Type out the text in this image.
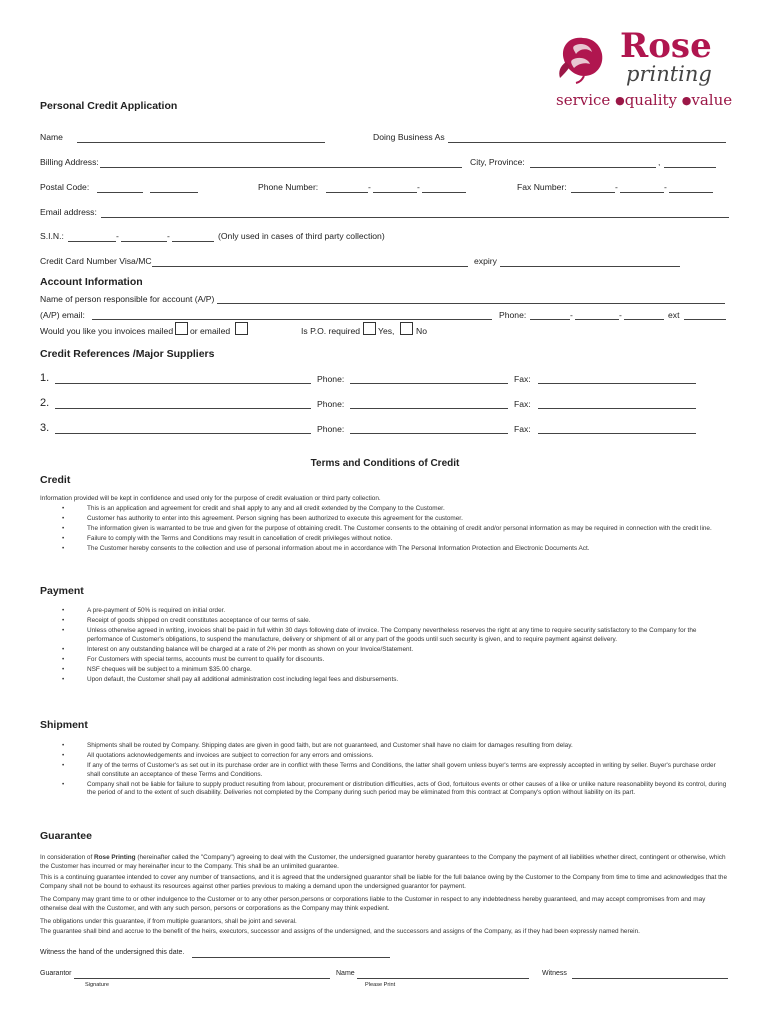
Rose
printing
service ●quality ●value
Personal Credit Application
Name	Doing Business As
Billing Address:	City, Province:	,
Postal Code:	Phone Number:	-	-	Fax Number:	-	-
Email address:
S.I.N.:	-	-	(Only used in cases of third party collection)
Credit Card Number Visa/MC	expiry
Account Information
Name of person responsible for account (A/P)
(A/P) email:	Phone:	-	-	ext
Would you like you invoices mailed or emailed	Is P.O. required Yes,	No
Credit References /Major Suppliers
1.	Phone:	Fax:
2.	Phone:	Fax:
3.	Phone:	Fax:
Terms and Conditions of Credit
Credit
Information provided will be kept in confidence and used only for the purpose of credit evaluation or third party collection.
• This is an application and agreement for credit and shall apply to any and all credit extended by the Company to the Customer.
• Customer has authority to enter into this agreement. Person signing has been authorized to execute this agreement for the customer.
• The information given is warranted to be true and given for the purpose of obtaining credit. The Customer consents to the obtaining of credit and/or personal information as may be required in connection with the credit line.
• Failure to comply with the Terms and Conditions may result in cancellation of credit privileges without notice.
• The Customer hereby consents to the collection and use of personal information about me in accordance with The Personal Information Protection and Electronic Documents Act.
Payment
• A pre-payment of 50% is required on initial order.
• Receipt of goods shipped on credit constitutes acceptance of our terms of sale.
• Unless otherwise agreed in writing, invoices shall be paid in full within 30 days following date of invoice. The Company nevertheless reserves the right at any time to require security satisfactory to the Company for the performance of Customer's obligations, to suspend the manufacture, delivery or shipment of all or any part of the goods until such security is given, and to require payment against delivery.
• Interest on any outstanding balance will be charged at a rate of 2% per month as shown on your Invoice/Statement.
• For Customers with special terms, accounts must be current to qualify for discounts.
• NSF cheques will be subject to a minimum $35.00 charge.
• Upon default, the Customer shall pay all additional administration cost including legal fees and disbursements.
Shipment
• Shipments shall be routed by Company. Shipping dates are given in good faith, but are not guaranteed, and Customer shall have no claim for damages resulting from delay.
• All quotations acknowledgements and invoices are subject to correction for any errors and omissions.
• If any of the terms of Customer's as set out in its purchase order are in conflict with these Terms and Conditions, the latter shall govern unless buyer's terms are expressly accepted in writing by seller. Buyer's purchase order shall constitute an acceptance of these Terms and Conditions.
• Company shall not be liable for failure to supply product resulting from labour, procurement or distribution difficulties, acts of God, fortuitous events or other causes of a like or unlike nature reasonability beyond its control, during the period of and to the extent of such disability. Deliveries not completed by the Company during such period may be eliminated from this contract at Company's option without liability on its part.
Guarantee
In consideration of Rose Printing (hereinafter called the "Company") agreeing to deal with the Customer, the undersigned guarantor hereby guarantees to the Company the payment of all liabilities whether direct, contingent or otherwise, which the Customer has incurred or may hereinafter incur to the Company. This shall be an unlimited guarantee.
This is a continuing guarantee intended to cover any number of transactions, and it is agreed that the undersigned guarantor shall be liable for the full balance owing by the Customer to the Company from time to time and acknowledges that the Company shall not be bound to exhaust its resources against other parties previous to making a demand upon the undersigned guarantor for payment.
The Company may grant time to or other indulgence to the Customer or to any other person,persons or corporations liable to the Customer in respect to any indebtedness hereby guaranteed, and may accept compromises from and may otherwise deal with the Customer, and with any such person, persons or corporations as the Company may think expedient.
The obligations under this guarantee, if from multiple guarantors, shall be joint and several.
The guarantee shall bind and accrue to the benefit of the heirs, executors, successor and assigns of the undersigned, and the successors and assigns of the Company, as if they had been expressly named herein.
Witness the hand of the undersigned this date.
Guarantor
Signature
Name
Please Print
Witness
